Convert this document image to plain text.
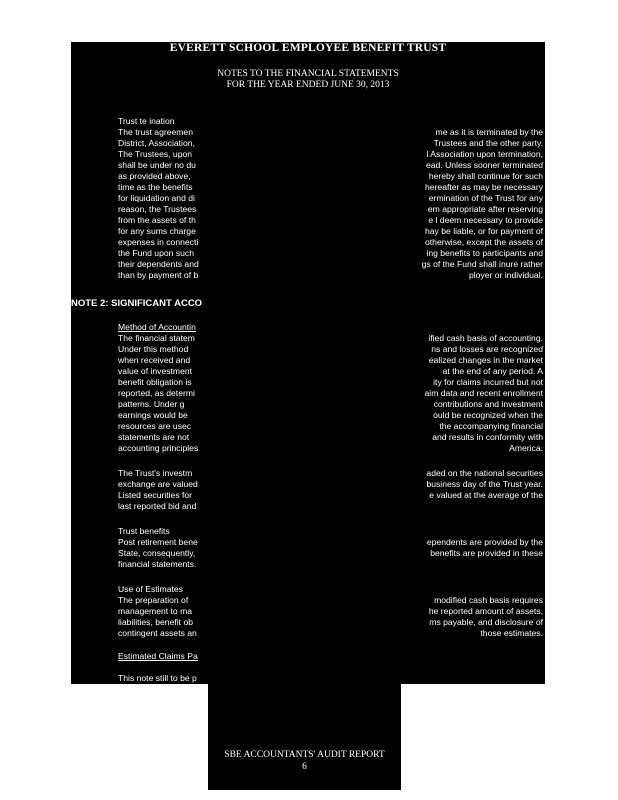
EVERETT SCHOOL EMPLOYEE BENEFIT TRUST
NOTES TO THE FINANCIAL STATEMENTS
FOR THE YEAR ENDED JUNE 30, 2013
NOTE 2: SIGNIFICANT ACCO
Trust te ination
The trust agreemen
District, Association,
The Trustees, upon
shall be under no du
as provided above,
time as the benefits
for liquidation and di
reason, the Trustees
from the assets of th
for any sums charge
expenses in connecti
the Fund upon such
their dependents and
than by payment of b
Method of Accountin
The financial statem
Under this method
when received and
value of investment
benefit obligation is
reported, as determi
patterns. Under g
earnings would be
resources are usec
statements are not
accounting principles
The Trust's investm
exchange are valued
Listed securities for
last reported bid and
Trust benefits
Post retirement bene
State, consequently,
financial statements.
Use of Estimates
The preparation of
management to ma
liabilities, benefit ob
contingent assets an
Estimated Claims Pa
This note still to be p
me as it is terminated by the
Trustees and the other party.
l Association upon termination,
ead. Unless sooner terminated
hereby shall continue for such
hereafter as may be necessary
ermination of the Trust for any
em appropriate after reserving
e l deem necessary to provide
hay be liable, or for payment of
otherwise, except the assets of
ing benefits to participants and
gs of the Fund shall inure rather
ployer or individual.
ified cash basis of accounting.
ns and losses are recognized
ealized changes in the market
at the end of any period. A
ity for claims incurred but not
aim data and recent enrollment
contributions and investment
ould be recognized when the
the accompanying financial
and results in conformity with
America.
aded on the national securities
business day of the Trust year.
e valued at the average of the
ependents are provided by the
benefits are provided in these
modified cash basis requires
he reported amount of assets,
ms payable, and disclosure of
those estimates.
SBE ACCOUNTANTS' AUDIT REPORT
6
